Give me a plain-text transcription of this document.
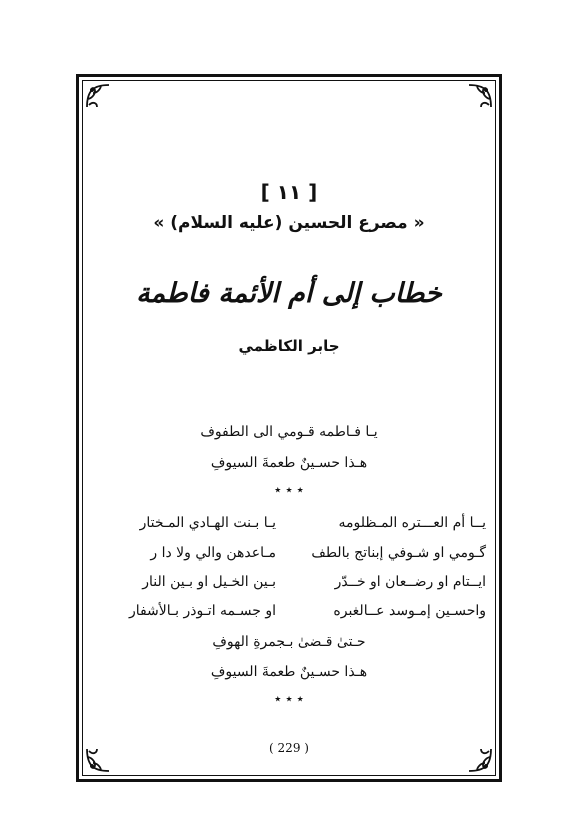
[ ١١ ]
« مصرع الحسين (عليه السلام) »
خطاب إلى أم الأئمة فاطمة
جابر الكاظمي
يـا فـاطمه قـومي الى الطفوف
هـذا حسـينٌ طعمةَ السيوفِ
٭ ٭ ٭
يــا أم العـــتره المـظلومه
يـا بـنت الهـادي المـختار
گـومي او شـوفي إبناتج بالطف
مـاعدهن والي ولا دا ر
ايــتام او رضــعان او خــدّر
بـين الخـيل او بـين النار
واحسـين إمـوسد عــالغبره
او جسـمه اتـوذر بـالأشفار
حـتىٰ قـضىٰ بـجمرةِ الهوفِ
هـذا حسـينٌ طعمةَ السيوفِ
٭ ٭ ٭
( 229 )
